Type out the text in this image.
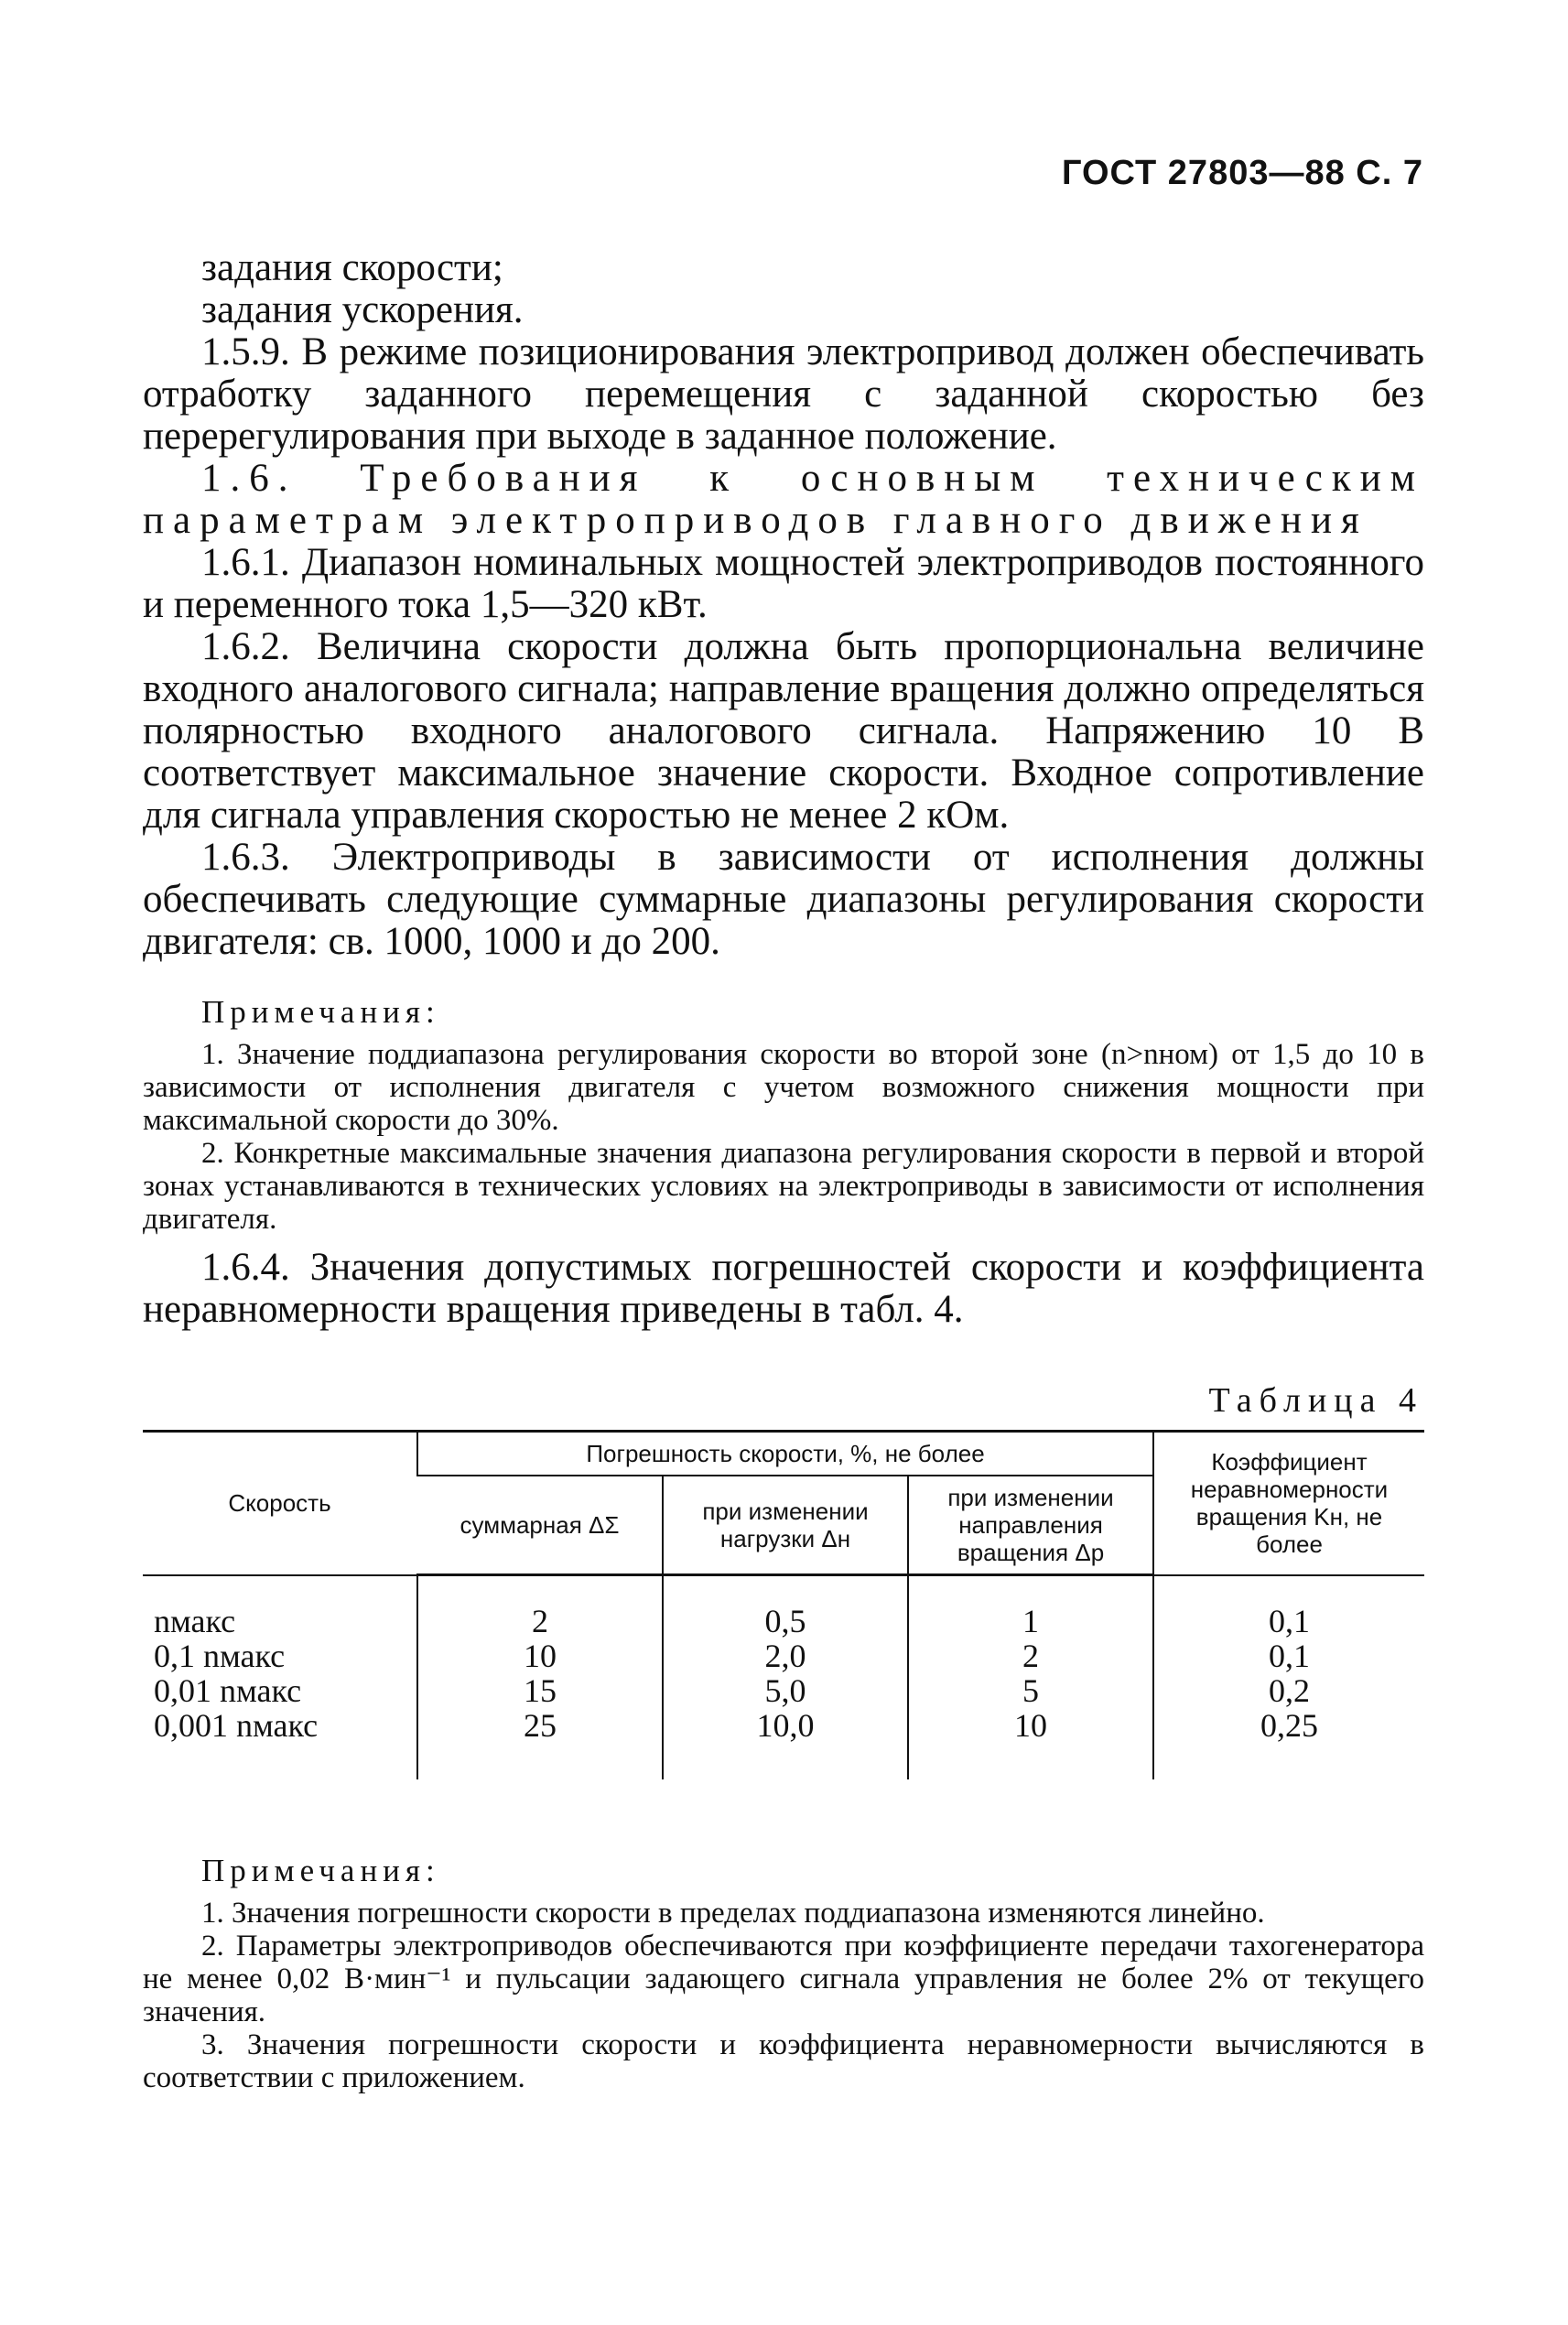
ГОСТ 27803—88 С. 7

задания скорости;

задания ускорения.

1.5.9. В режиме позиционирования электропривод должен обеспечивать отработку заданного перемещения с заданной скоростью без перерегулирования при выходе в заданное положение.

1.6. Требования к основным техническим параметрам электроприводов главного движения

1.6.1. Диапазон номинальных мощностей электроприводов постоянного и переменного тока 1,5—320 кВт.

1.6.2. Величина скорости должна быть пропорциональна величине входного аналогового сигнала; направление вращения должно определяться полярностью входного аналогового сигнала. Напряжению 10 В соответствует максимальное значение скорости. Входное сопротивление для сигнала управления скоростью не менее 2 кОм.

1.6.3. Электроприводы в зависимости от исполнения должны обеспечивать следующие суммарные диапазоны регулирования скорости двигателя: св. 1000, 1000 и до 200.

Примечания:

1. Значение поддиапазона регулирования скорости во второй зоне (n>nном) от 1,5 до 10 в зависимости от исполнения двигателя с учетом возможного снижения мощности при максимальной скорости до 30%.

2. Конкретные максимальные значения диапазона регулирования скорости в первой и второй зонах устанавливаются в технических условиях на электроприводы в зависимости от исполнения двигателя.

1.6.4. Значения допустимых погрешностей скорости и коэффициента неравномерности вращения приведены в табл. 4.

Таблица 4
Скорость	Погрешность скорости, %, не более			Коэффициент неравномерности вращения Kн, не более
	суммарная ΔΣ	при изменении нагрузки Δн	при изменении направления вращения Δр	
nмакс	2	0,5	1	0,1
0,1 nмакс	10	2,0	2	0,1
0,01 nмакс	15	5,0	5	0,2
0,001 nмакс	25	10,0	10	0,25

Примечания:

1. Значения погрешности скорости в пределах поддиапазона изменяются линейно.

2. Параметры электроприводов обеспечиваются при коэффициенте передачи тахогенератора не менее 0,02 В·мин⁻¹ и пульсации задающего сигнала управления не более 2% от текущего значения.

3. Значения погрешности скорости и коэффициента неравномерности вычисляются в соответствии с приложением.
